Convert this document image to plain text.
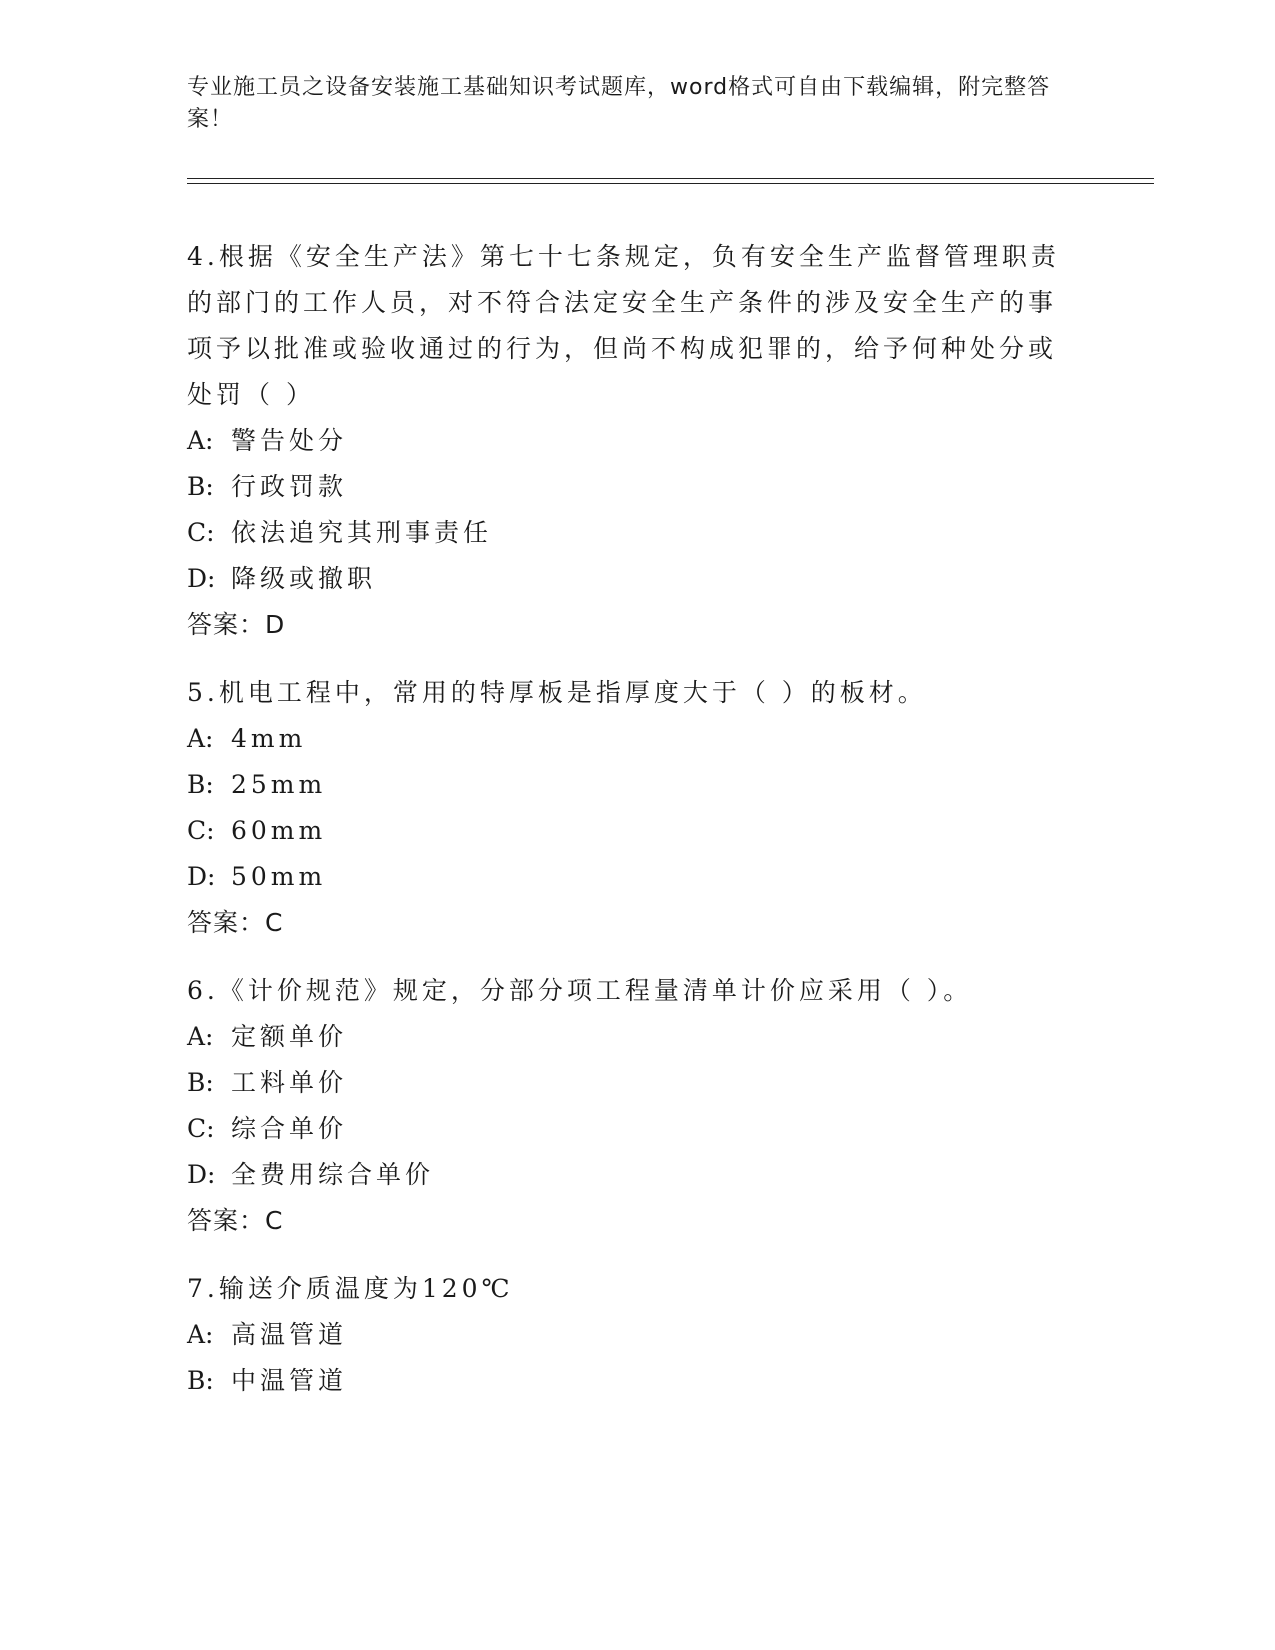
专业施工员之设备安装施工基础知识考试题库，word格式可自由下载编辑，附完整答案！

4.根据《安全生产法》第七十七条规定，负有安全生产监督管理职责的部门的工作人员，对不符合法定安全生产条件的涉及安全生产的事项予以批准或验收通过的行为，但尚不构成犯罪的，给予何种处分或处罚（ ）

A: 警告处分

B: 行政罚款

C: 依法追究其刑事责任

D: 降级或撤职

答案：D

5.机电工程中，常用的特厚板是指厚度大于（ ）的板材。

A: 4mm

B: 25mm

C: 60mm

D: 50mm

答案：C

6.《计价规范》规定，分部分项工程量清单计价应采用（ ）。

A: 定额单价

B: 工料单价

C: 综合单价

D: 全费用综合单价

答案：C

7.输送介质温度为120℃

A: 高温管道

B: 中温管道
